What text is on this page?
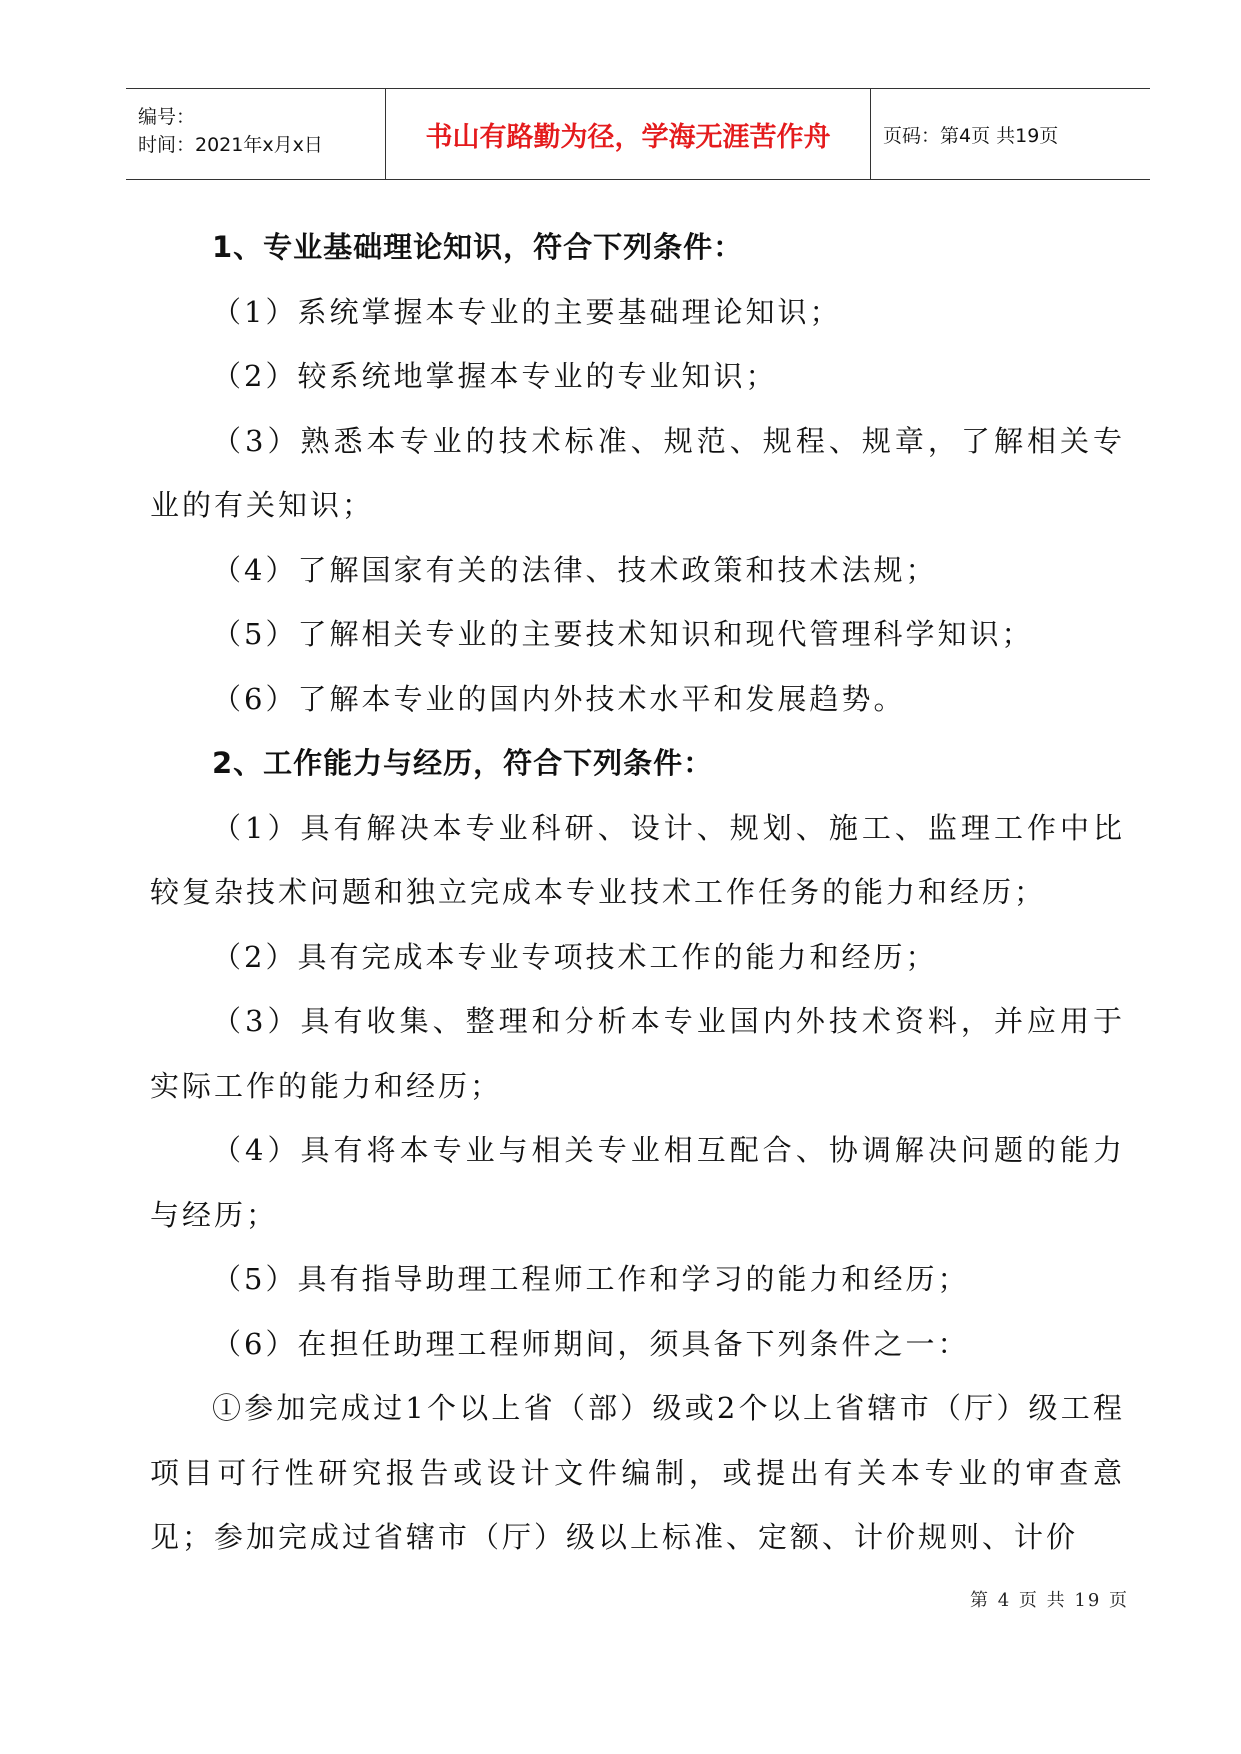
编号：
时间：2021年x月x日	书山有路勤为径，学海无涯苦作舟	页码：第4页 共19页

1、专业基础理论知识，符合下列条件：

（1）系统掌握本专业的主要基础理论知识；

（2）较系统地掌握本专业的专业知识；

（3）熟悉本专业的技术标准、规范、规程、规章，了解相关专业的有关知识；

（4）了解国家有关的法律、技术政策和技术法规；

（5）了解相关专业的主要技术知识和现代管理科学知识；

（6）了解本专业的国内外技术水平和发展趋势。

2、工作能力与经历，符合下列条件：

（1）具有解决本专业科研、设计、规划、施工、监理工作中比较复杂技术问题和独立完成本专业技术工作任务的能力和经历；

（2）具有完成本专业专项技术工作的能力和经历；

（3）具有收集、整理和分析本专业国内外技术资料，并应用于实际工作的能力和经历；

（4）具有将本专业与相关专业相互配合、协调解决问题的能力与经历；

（5）具有指导助理工程师工作和学习的能力和经历；

（6）在担任助理工程师期间，须具备下列条件之一：

①参加完成过1个以上省（部）级或2个以上省辖市（厅）级工程项目可行性研究报告或设计文件编制，或提出有关本专业的审查意见；参加完成过省辖市（厅）级以上标准、定额、计价规则、计价

第 4 页 共 19 页
